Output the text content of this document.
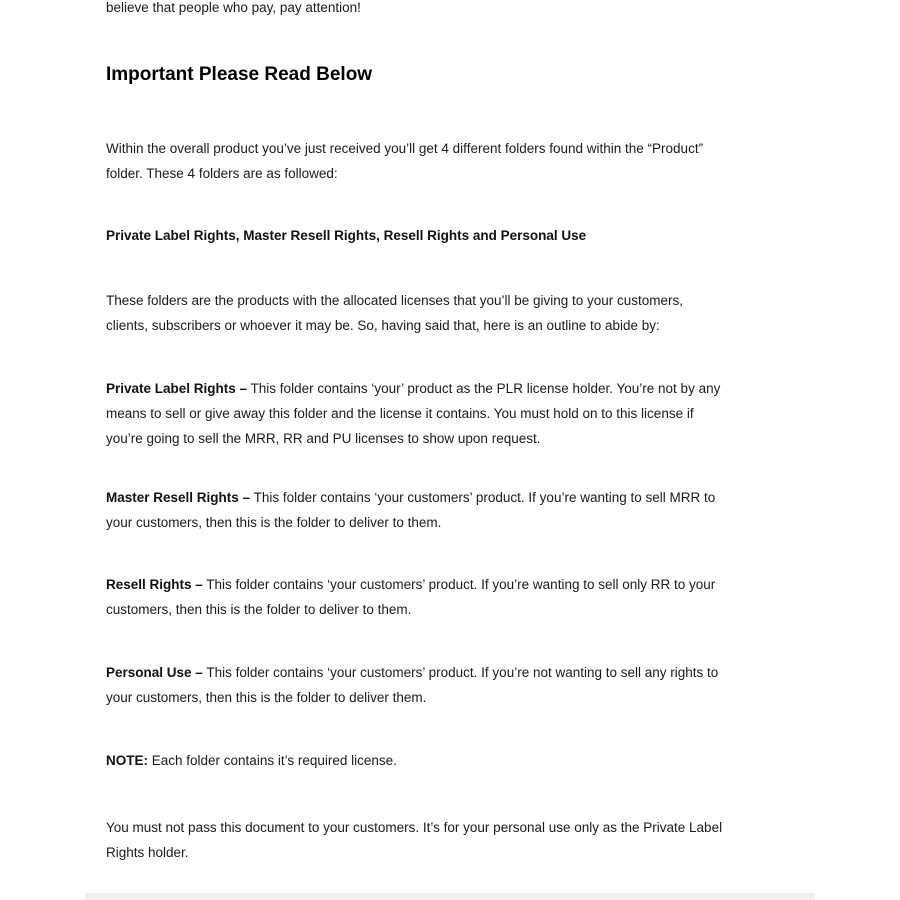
believe that people who pay, pay attention!

Important Please Read Below

Within the overall product you’ve just received you’ll get 4 different folders found within the “Product”
folder. These 4 folders are as followed:

Private Label Rights, Master Resell Rights, Resell Rights and Personal Use

These folders are the products with the allocated licenses that you’ll be giving to your customers,
clients, subscribers or whoever it may be. So, having said that, here is an outline to abide by:

Private Label Rights – This folder contains ‘your’ product as the PLR license holder. You’re not by any
means to sell or give away this folder and the license it contains. You must hold on to this license if
you’re going to sell the MRR, RR and PU licenses to show upon request.

Master Resell Rights – This folder contains ‘your customers’ product. If you’re wanting to sell MRR to
your customers, then this is the folder to deliver to them.

Resell Rights – This folder contains ‘your customers’ product. If you’re wanting to sell only RR to your
customers, then this is the folder to deliver to them.

Personal Use – This folder contains ‘your customers’ product. If you’re not wanting to sell any rights to
your customers, then this is the folder to deliver them.

NOTE: Each folder contains it’s required license.

You must not pass this document to your customers. It’s for your personal use only as the Private Label
Rights holder.
